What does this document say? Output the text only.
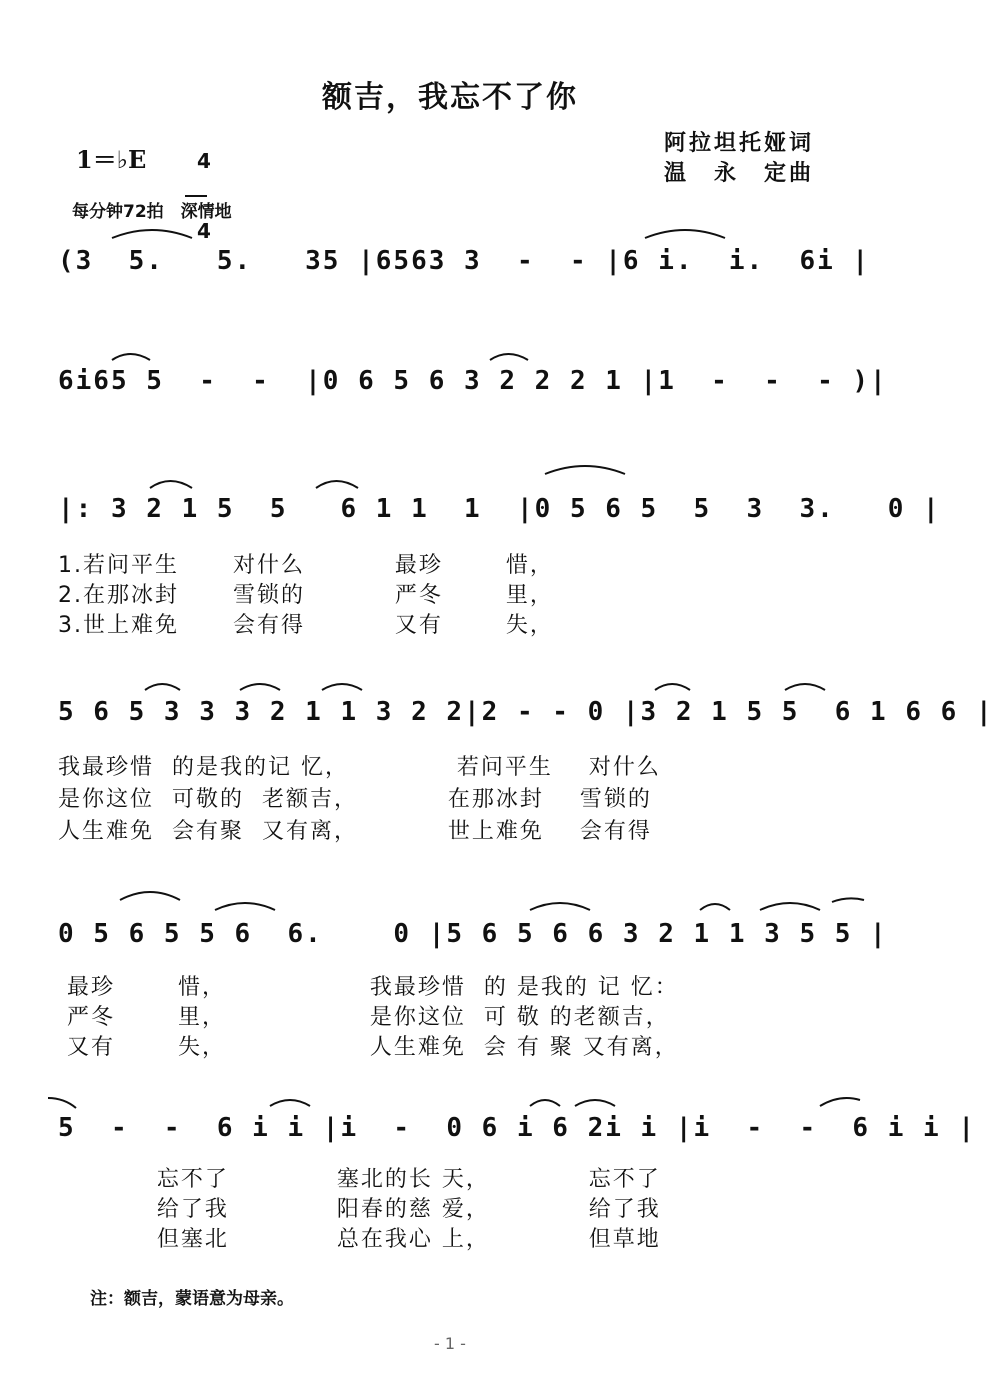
额吉，我忘不了你
阿拉坦托娅词
温　永　定曲
1＝♭E	4

4

每分钟72拍　深情地
(3  5.   5.   35 |6563 3  -  - |6 i.  i.  6i |
6i65 5  -  -  |0 6 5 6 3 2 2 2 1 |1  -  -  - )|
|: 3 2 1 5  5   6 1 1  1  |0 5 6 5  5  3  3.   0 |
1.若问平生      对什么          最珍       惜，
2.在那冰封      雪锁的          严冬       里，
3.世上难免      会有得          又有       失，
5 6 5 3 3 3 2 1 1 3 2 2|2 - - 0 |3 2 1 5 5  6 1 6 6 |
我最珍惜  的是我的记 忆，            若问平生    对什么
是你这位  可敬的  老额吉，          在那冰封    雪锁的
人生难免  会有聚  又有离，          世上难免    会有得
0 5 6 5 5 6  6.    0 |5 6 5 6 6 3 2 1 1 3 5 5 |
最珍       惜，                我最珍惜  的 是我的 记 忆：
严冬       里，                是你这位  可 敬 的老额吉，
又有       失，                人生难免  会 有 聚 又有离，
5  -  -  6 i i |i  -  0 6 i 6 2i i |i  -  -  6 i i |
忘不了            塞北的长 天，           忘不了
给了我            阳春的慈 爱，           给了我
但塞北            总在我心 上，           但草地
注：额吉，蒙语意为母亲。
- 1 -
